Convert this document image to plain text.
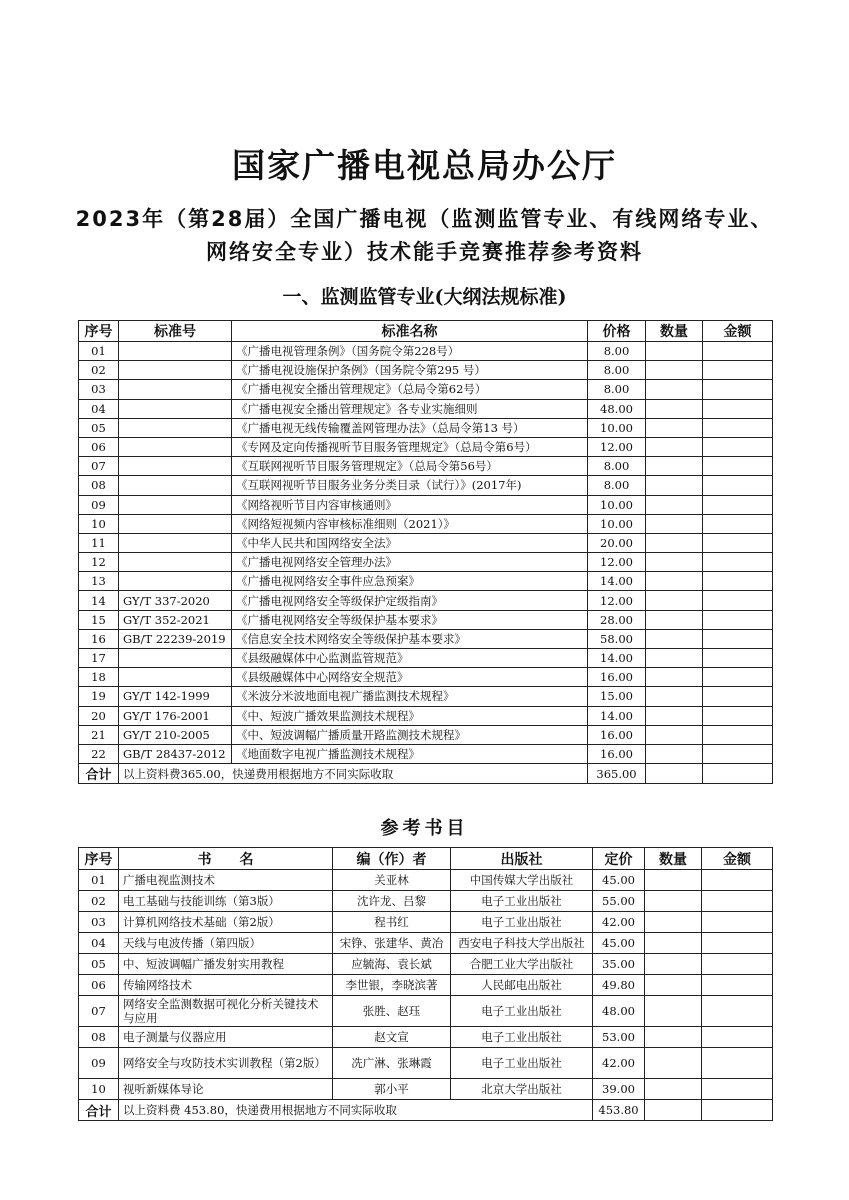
国家广播电视总局办公厅
2023年（第28届）全国广播电视（监测监管专业、有线网络专业、
网络安全专业）技术能手竞赛推荐参考资料
一、监测监管专业(大纲法规标准)
序号	标准号	标准名称	价格	数量	金额
01		《广播电视管理条例》（国务院令第228号）	8.00		
02		《广播电视设施保护条例》（国务院令第295 号）	8.00		
03		《广播电视安全播出管理规定》（总局令第62号）	8.00		
04		《广播电视安全播出管理规定》各专业实施细则	48.00		
05		《广播电视无线传输覆盖网管理办法》（总局令第13 号）	10.00		
06		《专网及定向传播视听节目服务管理规定》（总局令第6号）	12.00		
07		《互联网视听节目服务管理规定》（总局令第56号）	8.00		
08		《互联网视听节目服务业务分类目录（试行）》(2017年)	8.00		
09		《网络视听节目内容审核通则》	10.00		
10		《网络短视频内容审核标准细则（2021）》	10.00		
11		《中华人民共和国网络安全法》	20.00		
12		《广播电视网络安全管理办法》	12.00		
13		《广播电视网络安全事件应急预案》	14.00		
14	GY/T 337-2020	《广播电视网络安全等级保护定级指南》	12.00		
15	GY/T 352-2021	《广播电视网络安全等级保护基本要求》	28.00		
16	GB/T 22239-2019	《信息安全技术网络安全等级保护基本要求》	58.00		
17		《县级融媒体中心监测监管规范》	14.00		
18		《县级融媒体中心网络安全规范》	16.00		
19	GY/T 142-1999	《米波分米波地面电视广播监测技术规程》	15.00		
20	GY/T 176-2001	《中、短波广播效果监测技术规程》	14.00		
21	GY/T 210-2005	《中、短波调幅广播质量开路监测技术规程》	16.00		
22	GB/T 28437-2012	《地面数字电视广播监测技术规程》	16.00		
合计	以上资料费365.00，快递费用根据地方不同实际收取		365.00		
参考书目
序号	书　　名	编（作）者	出版社	定价	数量	金额
01	广播电视监测技术	关亚林	中国传媒大学出版社	45.00		
02	电工基础与技能训练（第3版）	沈许龙、吕黎	电子工业出版社	55.00		
03	计算机网络技术基础（第2版）	程书红	电子工业出版社	42.00		
04	天线与电波传播（第四版）	宋铮、张建华、黄冶	西安电子科技大学出版社	45.00		
05	中、短波调幅广播发射实用教程	应毓海、袁长斌	合肥工业大学出版社	35.00		
06	传输网络技术	李世银，李晓滨著	人民邮电出版社	49.80		
07	网络安全监测数据可视化分析关键技术与应用	张胜、赵珏	电子工业出版社	48.00		
08	电子测量与仪器应用	赵文宣	电子工业出版社	53.00		
09	网络安全与攻防技术实训教程（第2版）	冼广淋、张琳霞	电子工业出版社	42.00		
10	视听新媒体导论	郭小平	北京大学出版社	39.00		
合计	以上资料费 453.80，快递费用根据地方不同实际收取			453.80		
